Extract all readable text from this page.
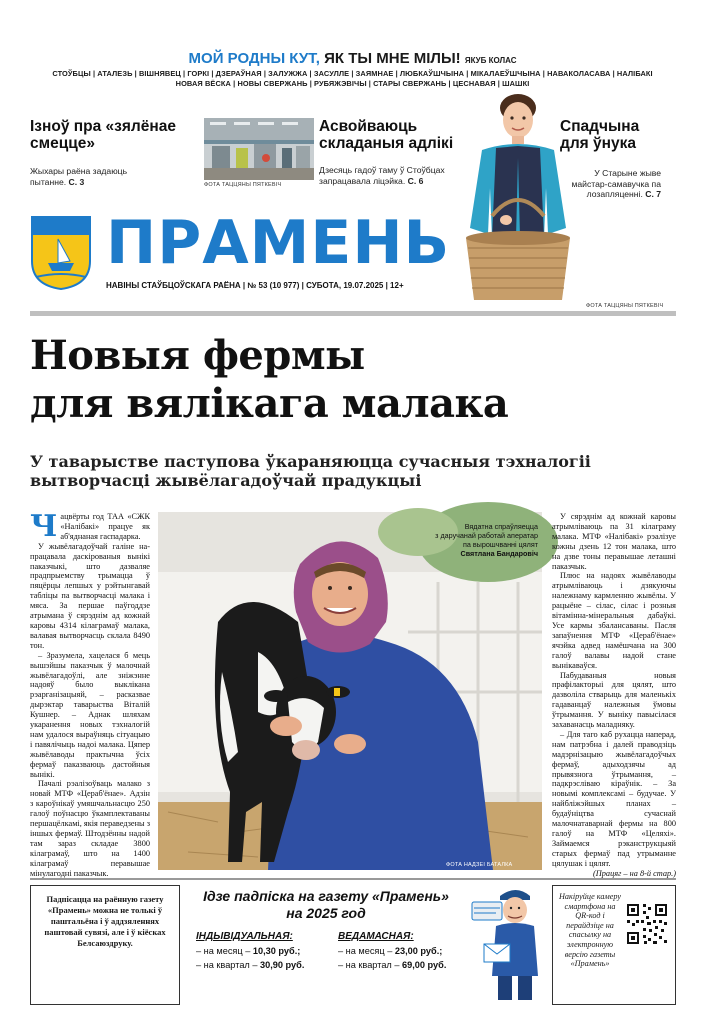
МОЙ РОДНЫ КУТ, ЯК ТЫ МНЕ МІЛЫ! ЯКУБ КОЛАС
СТОЎБЦЫ | АТАЛЕЗЬ | ВІШНЯВЕЦ | ГОРКІ | ДЗЕРАЎНАЯ | ЗАЛУЖЖА | ЗАСУЛЛЕ | ЗАЯМНАЕ | ЛЮБКАЎШЧЫНА | МІКАЛАЕЎШЧЫНА | НАВАКОЛАСАВА | НАЛІБАКІ
НОВАЯ ВЁСКА | НОВЫ СВЕРЖАНЬ | РУБЯЖЭВІЧЫ | СТАРЫ СВЕРЖАНЬ | ЦЕСНАВАЯ | ШАШКІ
Ізноў пра «зялёнае смецце»
Жыхары раёна задаюць пытанне. С. 3	ФОТА ТАЦЦЯНЫ ПЯТКЕВІЧ
Асвойваюць складаныя адлікі
Дзесяць гадоў таму ў Стоўбцах запрацавала ліцэйка. С. 6
Спадчына для ўнука
У Старыне жыве майстар-самавучка па лозапляценні. С. 7
ФОТА ТАЦЦЯНЫ ПЯТКЕВІЧ
ПРАМЕНЬ
НАВІНЫ СТАЎБЦОЎСКАГА РАЁНА | № 53 (10 977) | СУБОТА, 19.07.2025 | 12+
Новыя фермы
для вялікага малака
У таварыстве паступова ўкараняюцца сучасныя тэхналогіі
вытворчасці жывёлагадоўчай прадукцыі
Ч ацвёрты год ТАА «СЖК «Налібакі» працуе як аб'яднаная гаспадарка.

У жывёлагадоўчай галіне на-працавала даскірованыя вынікі паказчыкі, што дазваляе прадпрыемству трымацца ў пяцёрцы лепшых у рэйтынгавай табліцы па вытворчасці малака і мяса. За першае паўгоддзе атрымана ў сярэднім ад кожнай каровы 4314 кілаграмаў малака, валавая вытворчасць склала 8490 тон.

– Зразумела, хацелася б мець вышэйшы паказчык ў малочнай жывёлагадоўлі, але зніжэнне надояў было выклікана рэарганізацыяй, – расказвае дырэктар таварыства Віталій Кушнер. – Аднак шляхам укаранення новых тэхналогій нам удалося выраўняць сітуацыю і павялічыць надоі малака. Цяпер жывёлаводы практычна ўсіх фермаў паказваюць дастойныя вынікі.

Пачалі рэалізоўваць малако з новай МТФ «Цераб'ёнае». Адзін з кароўнікаў умяшчальнасцю 250 галоў поўнасцю ўкамплектаваны першацёлкамі, якія пераведзены з іншых фермаў. Штодзённы надой там зараз складае 3800 кілаграмаў, што на 1400 кілаграмаў перавышае мінулагодні паказчык.

Вядатна спраўляецца
з даручанай работай аператар
па вырошчванні цялят
Святлана Бандаровіч
ФОТА НАДЗЕІ БАТАЛКА

У сярэднім ад кожнай каровы атрымліваюць па 31 кілаграму малака. МТФ «Налібакі» рэалізуе кожны дзень 12 тон малака, што на дзве тоны перавышае леташні паказчык.

Плюс на надоях жывёлаводы атрымліваюць і дзякуючы належнаму кармленню жывёлы. У рацыёне – сілас, сілас і розныя вітамінна-мінеральныя дабаўкі. Усе кармы збалансаваны. Пасля запаўнення МТФ «Цераб'ёнае» ячэйка адвед намёшчана на 300 галоў валавы надой стане вынікаваўся.

Пабудаваныя новыя прафілакторыі для цялят, што дазволіла стварыць для маленькіх гадаванцаў належныя ўмовы ўтрымання. У выніку павысілася захаванасць маладняку.

– Для таго каб рухацца наперад, нам патрэбна і далей праводзіць мадэрнізацыю жывёлагадоўчых фермаў, адыходзячы ад прывязнога ўтрымання, – падкрэсліваю кіраўнік. – За новымі комплексамі – будучае. У найбліжэйшых планах – будаўніцтва сучаснай малочнатаварнай фермы на 800 галоў на МТФ «Целяхі». Займаемся рэканструкцыяй старых фермаў пад утрыманне цялушак і цялят.

(Працяг – на 8-й стар.)

Падпісацца на раённую газету «Прамень» можна не толькі ў паштальёна і ў аддзяленнях паштовай сувязі, але і ў кіёсках Белсаюздруку.
Ідзе падпіска на газету «Прамень»
на 2025 год
ІНДЫВІДУАЛЬНАЯ:
– на месяц – 10,30 руб.;
– на квартал – 30,90 руб.
ВЕДАМАСНАЯ:
– на месяц – 23,00 руб.;
– на квартал – 69,00 руб.
Накіруйце камеру смартфона на QR-код і перайдзіце на спасылку на электронную версію газеты «Прамень»
